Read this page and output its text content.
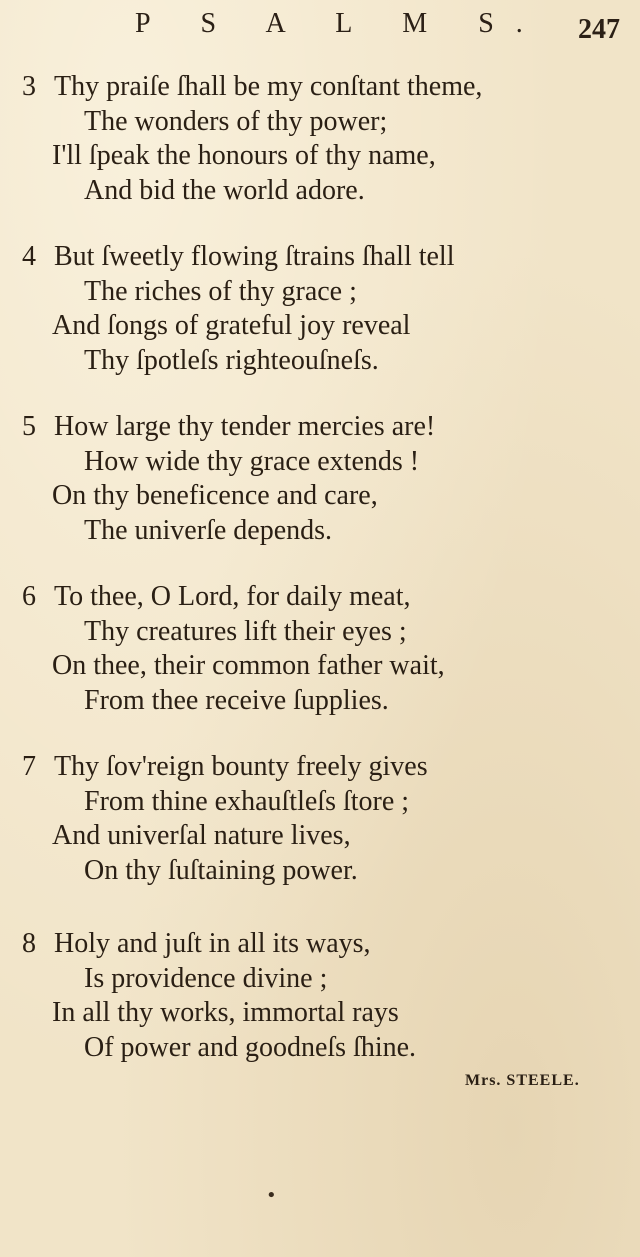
P S A L M S. 247
3 Thy praiſe ſhall be my conſtant theme,
The wonders of thy power;
I'll ſpeak the honours of thy name,
And bid the world adore.
4 But ſweetly flowing ſtrains ſhall tell
The riches of thy grace ;
And ſongs of grateful joy reveal
Thy ſpotleſs righteouſneſs.
5 How large thy tender mercies are!
How wide thy grace extends !
On thy beneficence and care,
The univerſe depends.
6 To thee, O Lord, for daily meat,
Thy creatures lift their eyes ;
On thee, their common father wait,
From thee receive ſupplies.
7 Thy ſov'reign bounty freely gives
From thine exhauſtleſs ſtore ;
And univerſal nature lives,
On thy ſuſtaining power.
8 Holy and juſt in all its ways,
Is providence divine ;
In all thy works, immortal rays
Of power and goodneſs ſhine.
Mrs. STEELE.
•
